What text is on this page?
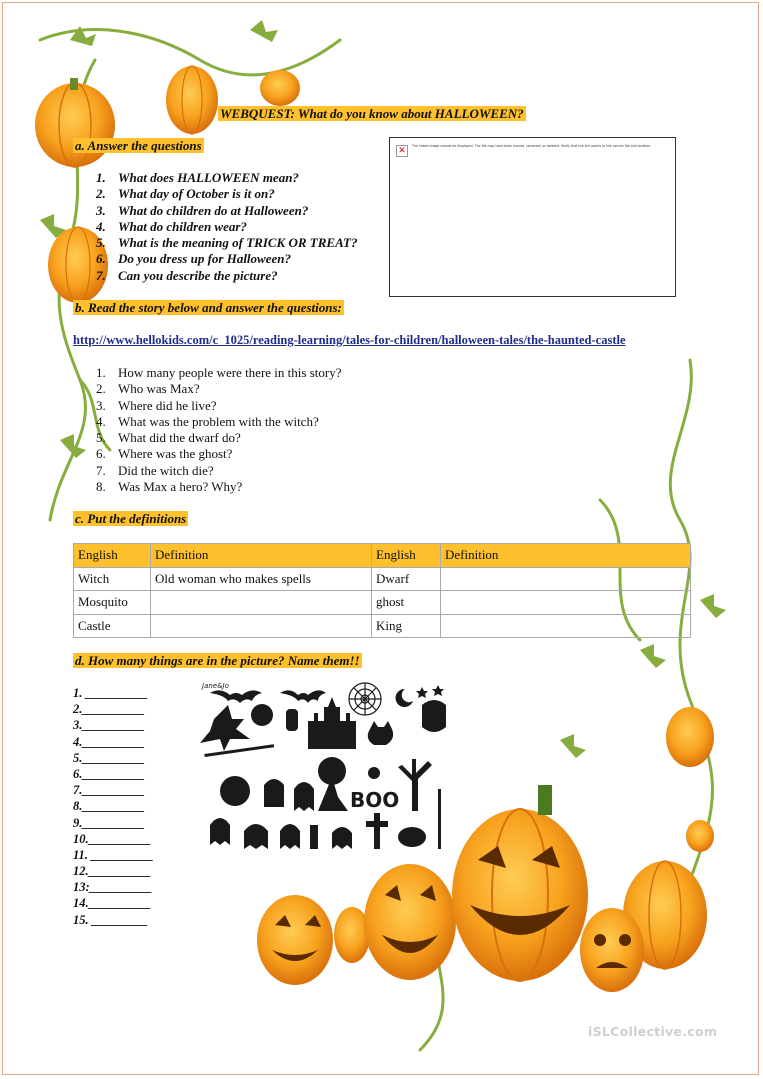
WEBQUEST: What do you know about HALLOWEEN?
a. Answer the questions
1. What does HALLOWEEN mean?
2. What day of October is it on?
3. What do children do at Halloween?
4. What do children wear?
5. What is the meaning of TRICK OR TREAT?
6. Do you dress up for Halloween?
7. Can you describe the picture?
✕	The linked image cannot be displayed. The file may have been moved, renamed, or deleted. Verify that the link points to the correct file and location.
b. Read the story below and answer the questions:
http://www.hellokids.com/c_1025/reading-learning/tales-for-children/halloween-tales/the-haunted-castle
1. How many people were there in this story?
2. Who was Max?
3. Where did he live?
4. What was the problem with the witch?
5. What did the dwarf do?
6. Where was the ghost?
7. Did the witch die?
8. Was Max a hero? Why?
c. Put the definitions
English	Definition	English	Definition
Witch	Old woman who makes spells	Dwarf	
Mosquito		ghost	
Castle		King	
d. How many things are in the picture? Name them!!
1. __________
2.__________
3.__________
4.__________
5.__________
6.__________
7.__________
8.__________
9.__________
10.__________
11. __________
12.__________
13:__________
14.__________
15. _________
Jane&Jo
BOO
iSLCollective.com
